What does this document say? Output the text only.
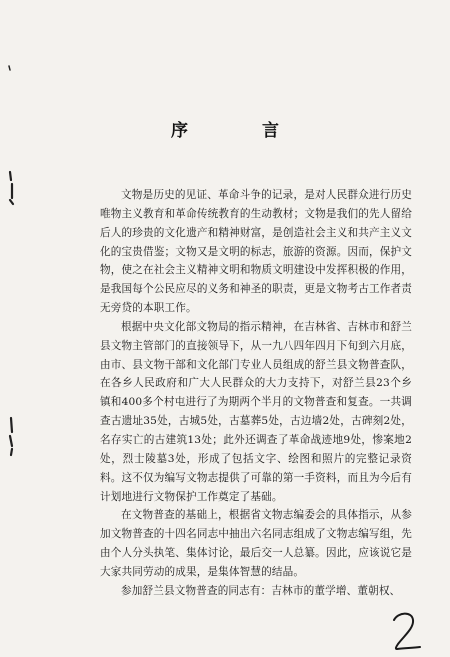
序 言

文物是历史的见证、革命斗争的记录，是对人民群众进行历史唯物主义教育和革命传统教育的生动教材；文物是我们的先人留给后人的珍贵的文化遗产和精神财富，是创造社会主义和共产主义文化的宝贵借鉴；文物又是文明的标志，旅游的资源。因而，保护文物，使之在社会主义精神文明和物质文明建设中发挥积极的作用，是我国每个公民应尽的义务和神圣的职责，更是文物考古工作者责无旁贷的本职工作。

根据中央文化部文物局的指示精神，在吉林省、吉林市和舒兰县文物主管部门的直接领导下，从一九八四年四月下旬到六月底，由市、县文物干部和文化部门专业人员组成的舒兰县文物普查队，在各乡人民政府和广大人民群众的大力支持下，对舒兰县23个乡镇和400多个村屯进行了为期两个半月的文物普查和复查。一共调查古遗址35处，古城5处，古墓葬5处，古边墙2处，古碑刻2处，名存实亡的古建筑13处；此外还调查了革命战迹地9处，惨案地2处，烈士陵墓3处，形成了包括文字、绘图和照片的完整记录资料。这不仅为编写文物志提供了可靠的第一手资料，而且为今后有计划地进行文物保护工作奠定了基础。

在文物普查的基础上，根据省文物志编委会的具体指示，从参加文物普查的十四名同志中抽出六名同志组成了文物志编写组，先由个人分头执笔、集体讨论，最后交一人总纂。因此，应该说它是大家共同劳动的成果，是集体智慧的结晶。

参加舒兰县文物普查的同志有：吉林市的董学增、董朝权、
